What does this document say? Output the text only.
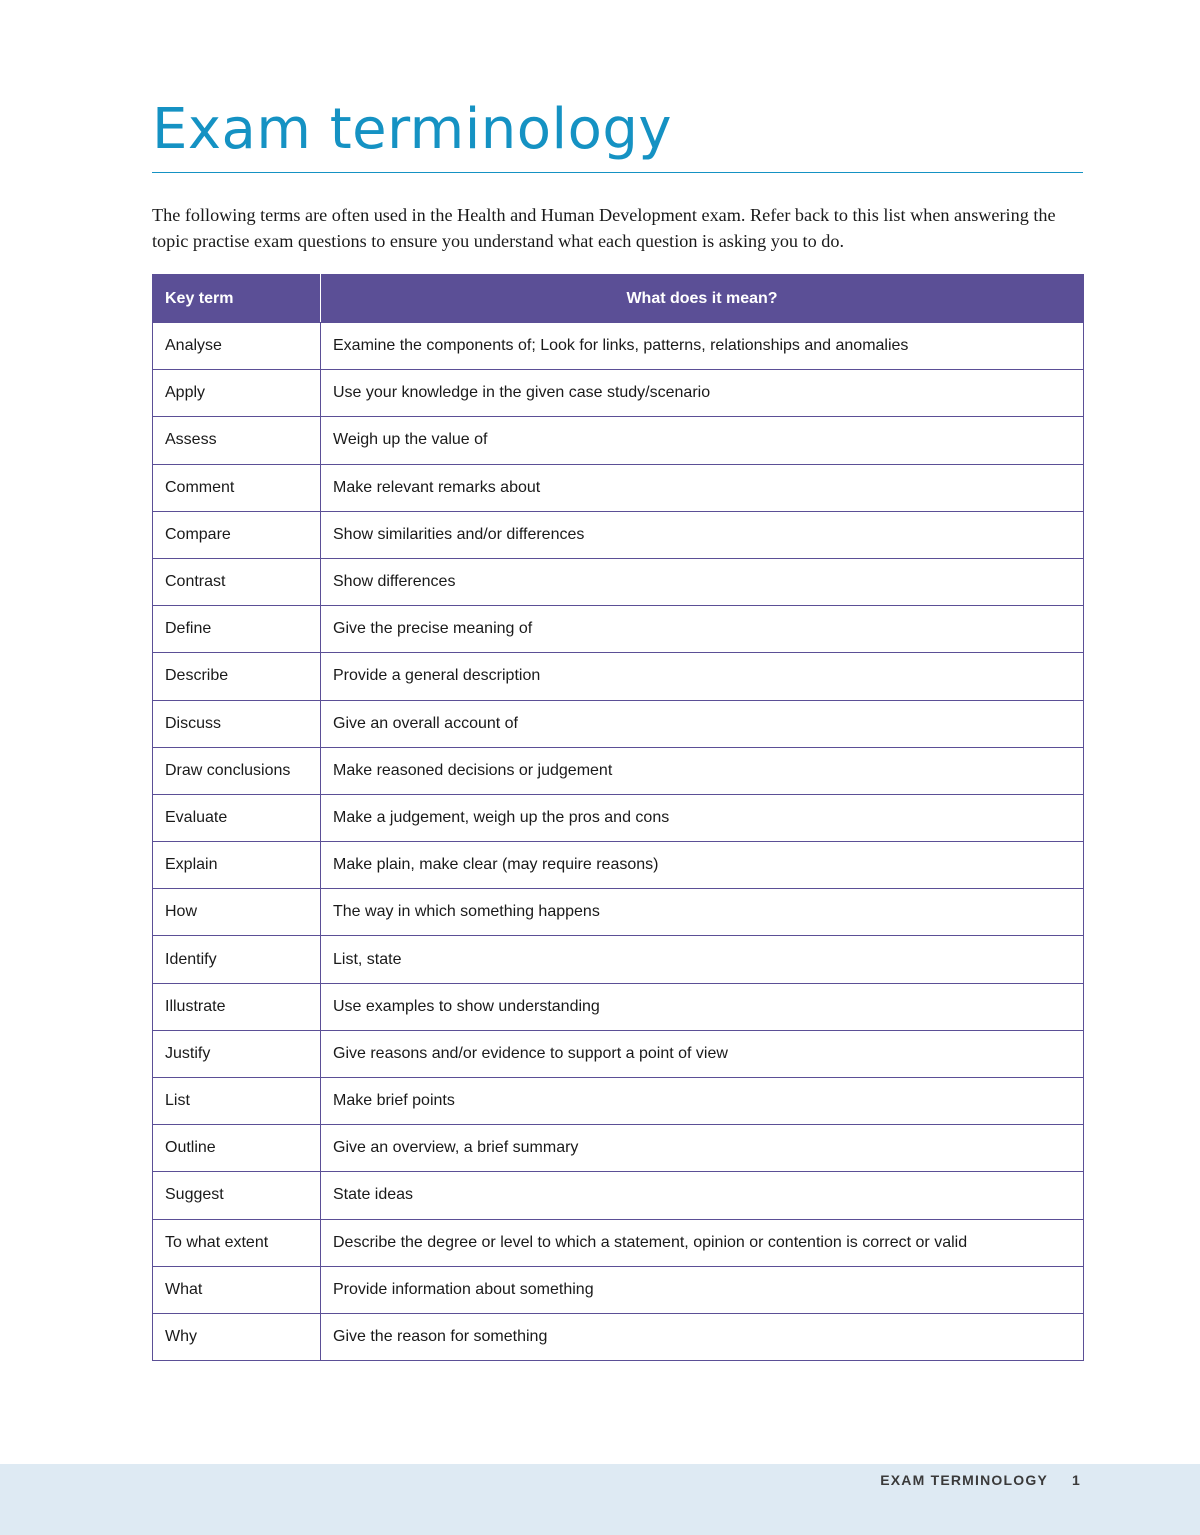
Exam terminology

The following terms are often used in the Health and Human Development exam. Refer back to this list when answering the topic practise exam questions to ensure you understand what each question is asking you to do.

Key term	What does it mean?
Analyse	Examine the components of; Look for links, patterns, relationships and anomalies
Apply	Use your knowledge in the given case study/scenario
Assess	Weigh up the value of
Comment	Make relevant remarks about
Compare	Show similarities and/or differences
Contrast	Show differences
Define	Give the precise meaning of
Describe	Provide a general description
Discuss	Give an overall account of
Draw conclusions	Make reasoned decisions or judgement
Evaluate	Make a judgement, weigh up the pros and cons
Explain	Make plain, make clear (may require reasons)
How	The way in which something happens
Identify	List, state
Illustrate	Use examples to show understanding
Justify	Give reasons and/or evidence to support a point of view
List	Make brief points
Outline	Give an overview, a brief summary
Suggest	State ideas
To what extent	Describe the degree or level to which a statement, opinion or contention is correct or valid
What	Provide information about something
Why	Give the reason for something
EXAM TERMINOLOGY 1
